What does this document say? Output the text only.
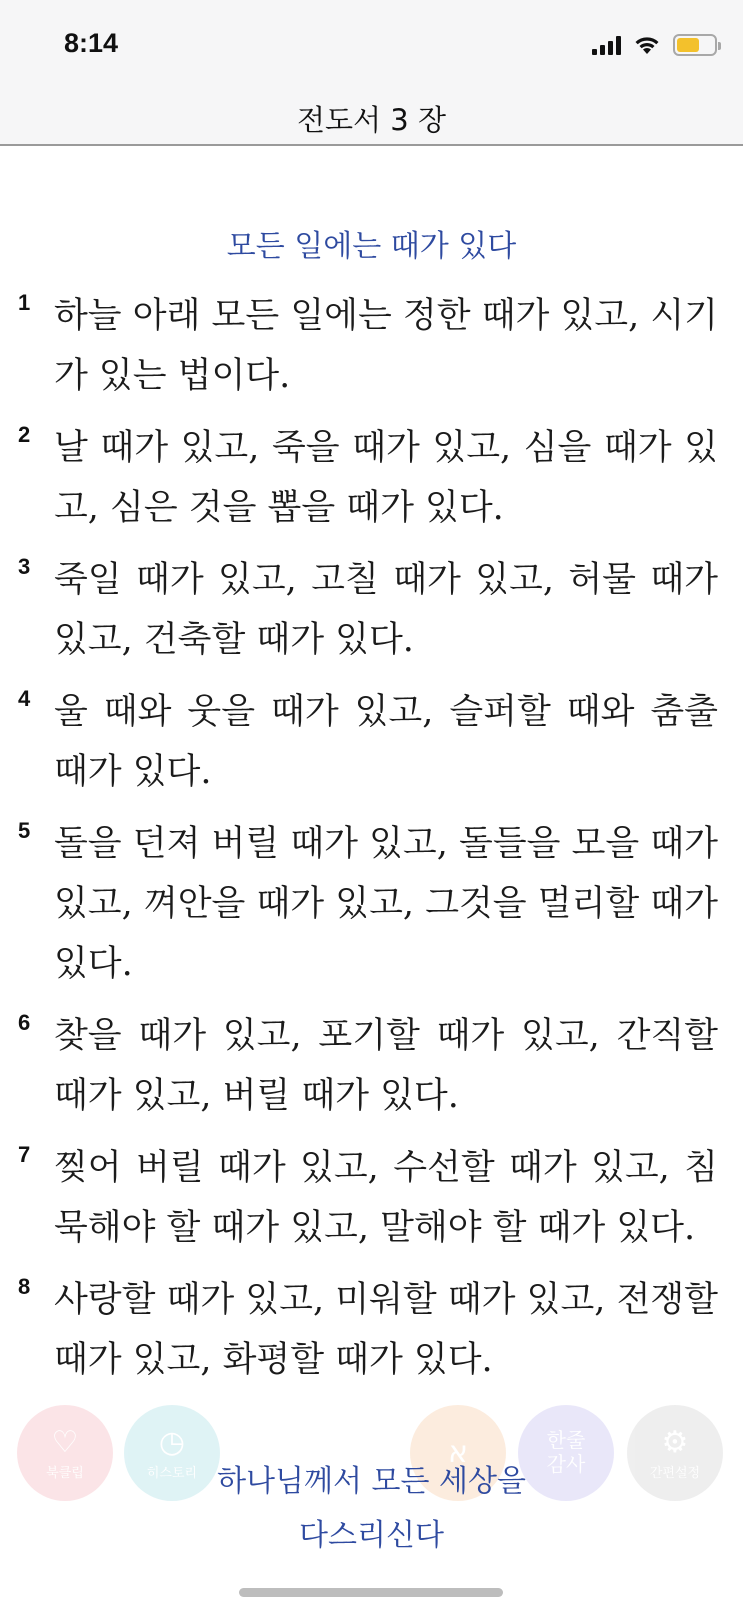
8:14
전도서 3 장
모든 일에는 때가 있다
1 하늘 아래 모든 일에는 정한 때가 있고, 시기가 있는 법이다.
2 날 때가 있고, 죽을 때가 있고, 심을 때가 있고, 심은 것을 뽑을 때가 있다.
3 죽일 때가 있고, 고칠 때가 있고, 허물 때가 있고, 건축할 때가 있다.
4 울 때와 웃을 때가 있고, 슬퍼할 때와 춤출 때가 있다.
5 돌을 던져 버릴 때가 있고, 돌들을 모을 때가 있고, 껴안을 때가 있고, 그것을 멀리할 때가 있다.
6 찾을 때가 있고, 포기할 때가 있고, 간직할 때가 있고, 버릴 때가 있다.
7 찢어 버릴 때가 있고, 수선할 때가 있고, 침묵해야 할 때가 있고, 말해야 할 때가 있다.
8 사랑할 때가 있고, 미워할 때가 있고, 전쟁할 때가 있고, 화평할 때가 있다.
♡
북클립
◷
히스토리
א	한줄
감사
⚙
간편설정
하나님께서 모든 세상을
다스리신다
